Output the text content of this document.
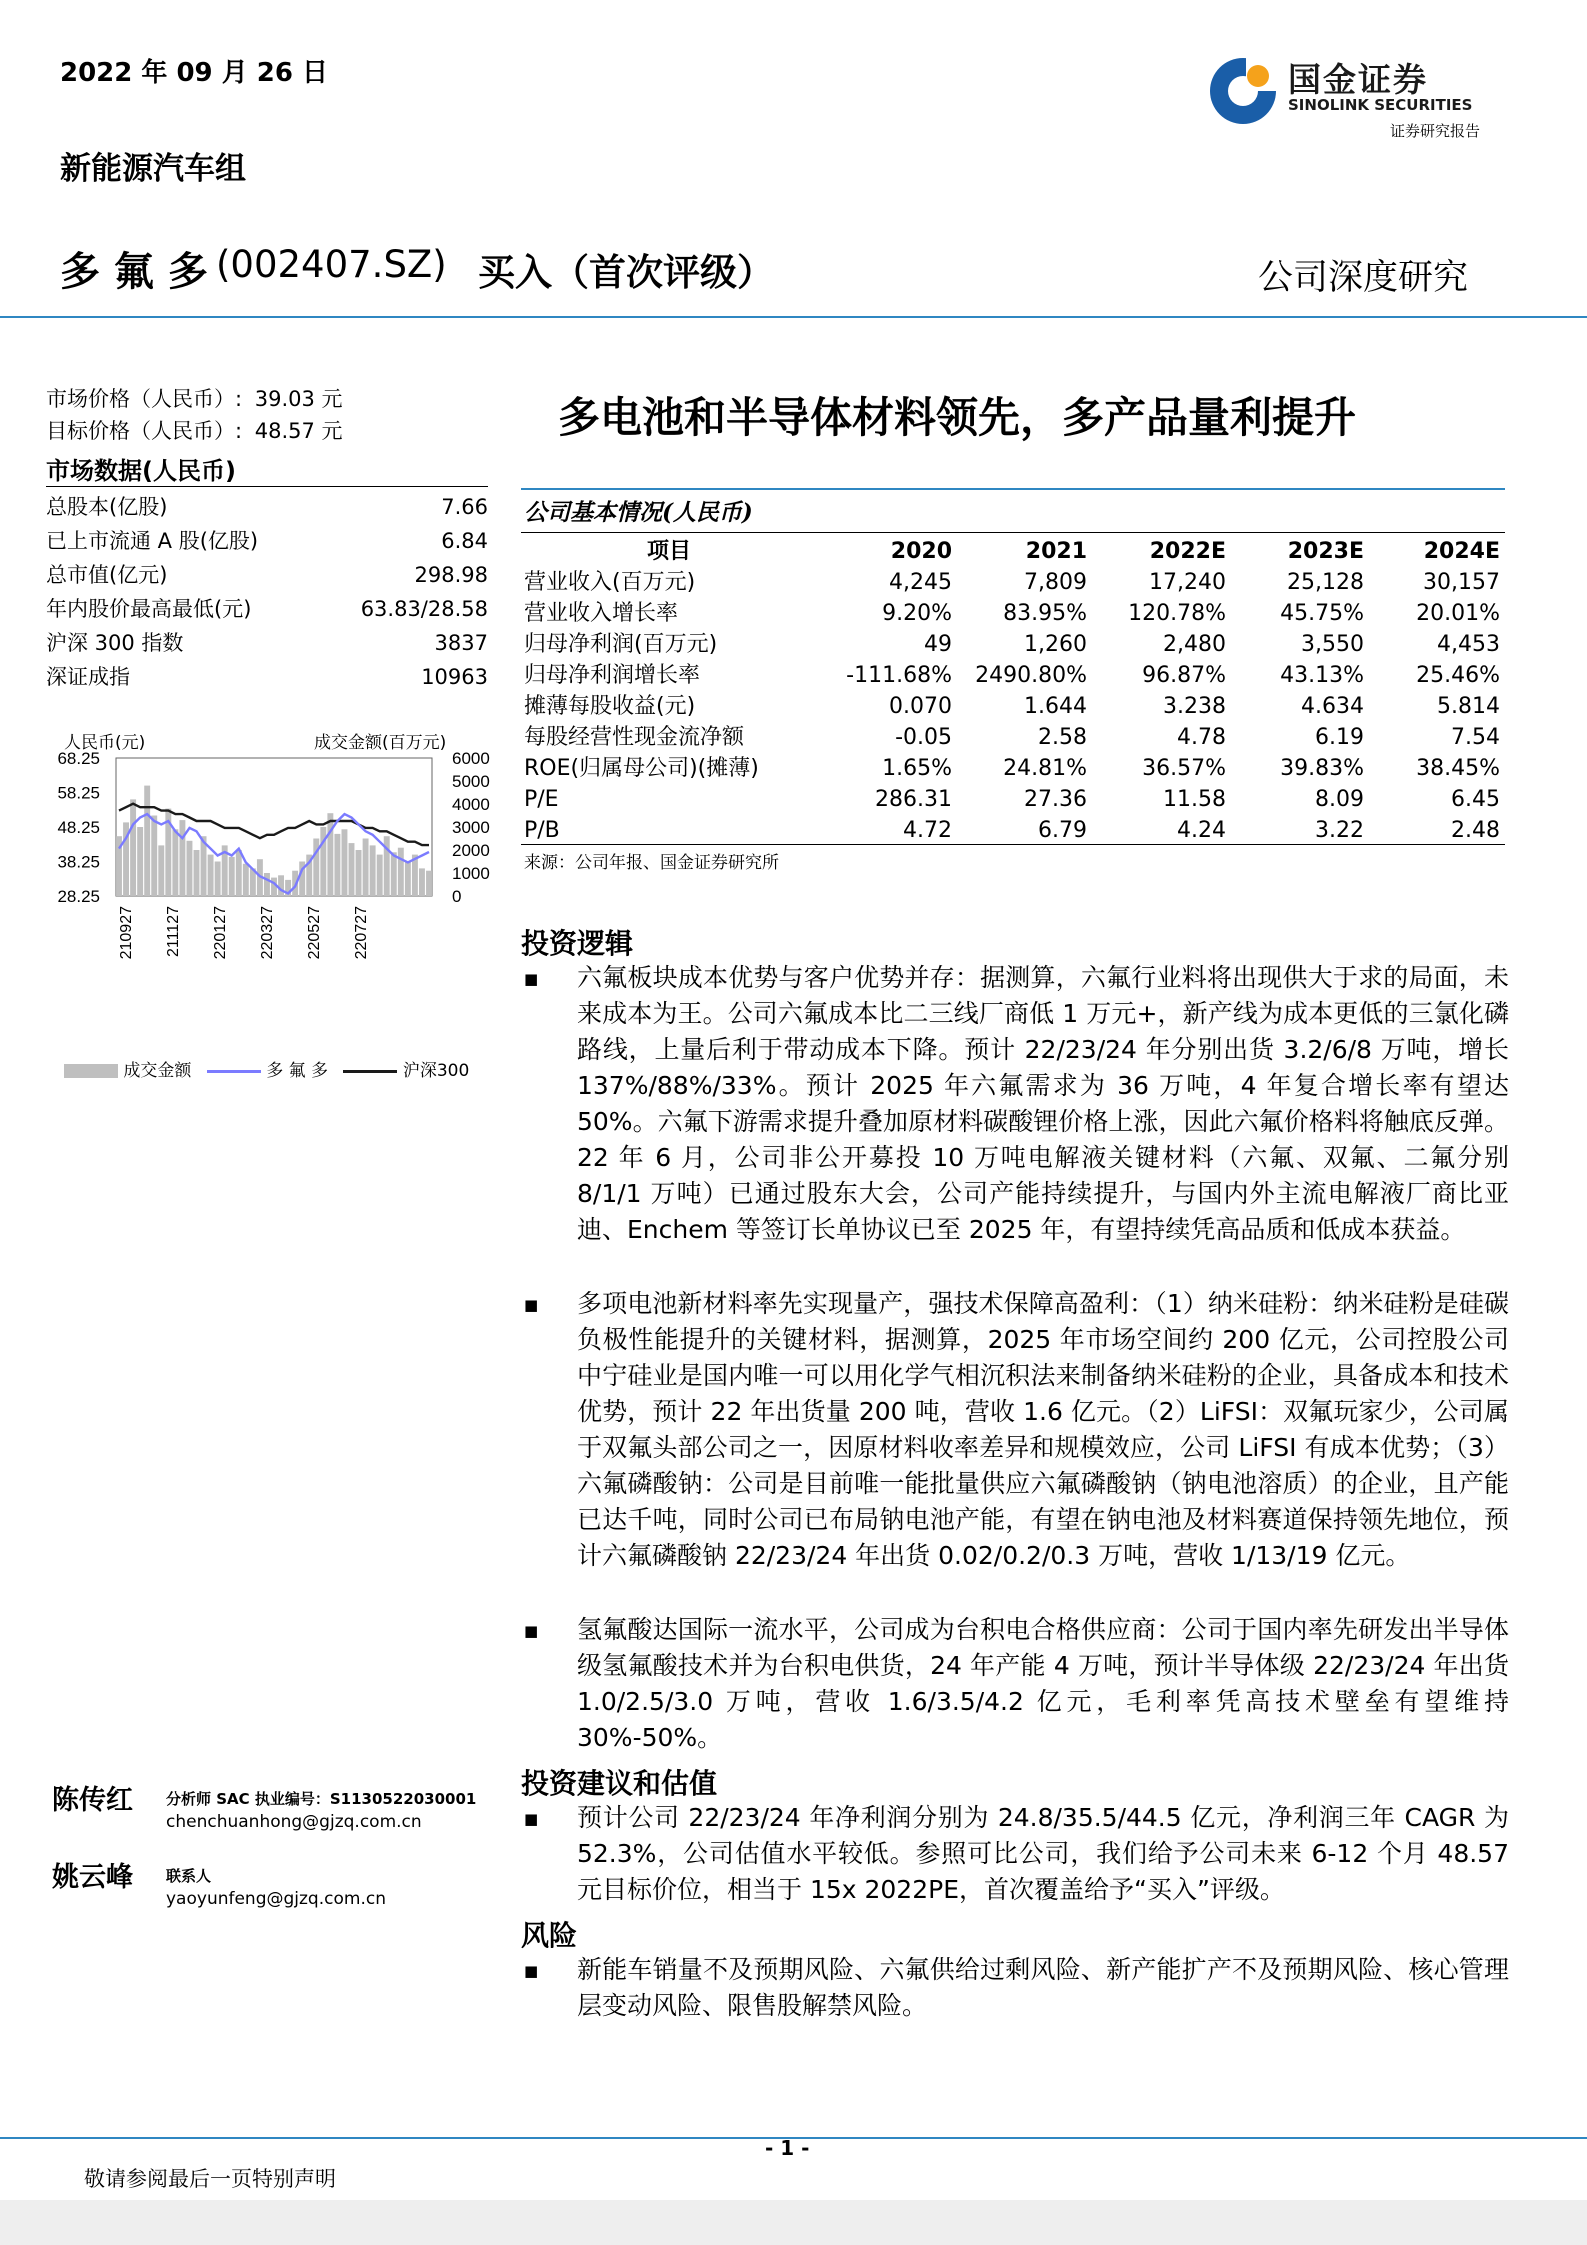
2022 年 09 月 26 日
新能源汽车组
国金证券
SINOLINK SECURITIES
证券研究报告
多 氟 多 (002407.SZ) 买入（首次评级）	公司深度研究
市场价格（人民币）: 39.03 元
目标价格（人民币）: 48.57 元
市场数据(人民币)
总股本(亿股)	7.66
已上市流通 A 股(亿股)	6.84
总市值(亿元)	298.98
年内股价最高最低(元)	63.83/28.58
沪深 300 指数	3837
深证成指	10963
人民币(元)	成交金额(百万元)
68.25
58.25
48.25
38.25
28.25
6000
5000
4000
3000
2000
1000
0
210927 211127 220127 220327 220527 220727
成交金额	多 氟 多	沪深300
陈传红 分析师 SAC 执业编号：S1130522030001
chenchuanhong@gjzq.com.cn
姚云峰 联系人
yaoyunfeng@gjzq.com.cn
多电池和半导体材料领先，多产品量利提升
公司基本情况(人民币)
项目	2020	2021	2022E	2023E	2024E
营业收入(百万元)	4,245	7,809	17,240	25,128	30,157
营业收入增长率	9.20%	83.95%	120.78%	45.75%	20.01%
归母净利润(百万元)	49	1,260	2,480	3,550	4,453
归母净利润增长率	-111.68%	2490.80%	96.87%	43.13%	25.46%
摊薄每股收益(元)	0.070	1.644	3.238	4.634	5.814
每股经营性现金流净额	-0.05	2.58	4.78	6.19	7.54
ROE(归属母公司)(摊薄)	1.65%	24.81%	36.57%	39.83%	38.45%
P/E	286.31	27.36	11.58	8.09	6.45
P/B	4.72	6.79	4.24	3.22	2.48
来源：公司年报、国金证券研究所
投资逻辑
■ 六氟板块成本优势与客户优势并存：据测算，六氟行业料将出现供大于求的局面，未来成本为王。公司六氟成本比二三线厂商低 1 万元+，新产线为成本更低的三氯化磷路线，上量后利于带动成本下降。预计 22/23/24 年分别出货 3.2/6/8 万吨，增长 137%/88%/33%。预计 2025 年六氟需求为 36 万吨，4 年复合增长率有望达 50%。六氟下游需求提升叠加原材料碳酸锂价格上涨，因此六氟价格料将触底反弹。22 年 6 月，公司非公开募投 10 万吨电解液关键材料（六氟、双氟、二氟分别 8/1/1 万吨）已通过股东大会，公司产能持续提升，与国内外主流电解液厂商比亚迪、Enchem 等签订长单协议已至 2025 年，有望持续凭高品质和低成本获益。
■ 多项电池新材料率先实现量产，强技术保障高盈利：（1）纳米硅粉：纳米硅粉是硅碳负极性能提升的关键材料，据测算，2025 年市场空间约 200 亿元，公司控股公司中宁硅业是国内唯一可以用化学气相沉积法来制备纳米硅粉的企业，具备成本和技术优势，预计 22 年出货量 200 吨，营收 1.6 亿元。（2）LiFSI：双氟玩家少，公司属于双氟头部公司之一，因原材料收率差异和规模效应，公司 LiFSI 有成本优势；（3）六氟磷酸钠：公司是目前唯一能批量供应六氟磷酸钠（钠电池溶质）的企业，且产能已达千吨，同时公司已布局钠电池产能，有望在钠电池及材料赛道保持领先地位，预计六氟磷酸钠 22/23/24 年出货 0.02/0.2/0.3 万吨，营收 1/13/19 亿元。
■ 氢氟酸达国际一流水平，公司成为台积电合格供应商：公司于国内率先研发出半导体级氢氟酸技术并为台积电供货，24 年产能 4 万吨，预计半导体级 22/23/24 年出货 1.0/2.5/3.0 万吨，营收 1.6/3.5/4.2 亿元，毛利率凭高技术壁垒有望维持 30%-50%。
投资建议和估值
■ 预计公司 22/23/24 年净利润分别为 24.8/35.5/44.5 亿元，净利润三年 CAGR 为 52.3%，公司估值水平较低。参照可比公司，我们给予公司未来 6-12 个月 48.57 元目标价位，相当于 15x 2022PE，首次覆盖给予“买入”评级。
风险
■ 新能车销量不及预期风险、六氟供给过剩风险、新产能扩产不及预期风险、核心管理层变动风险、限售股解禁风险。
- 1 -
敬请参阅最后一页特别声明
